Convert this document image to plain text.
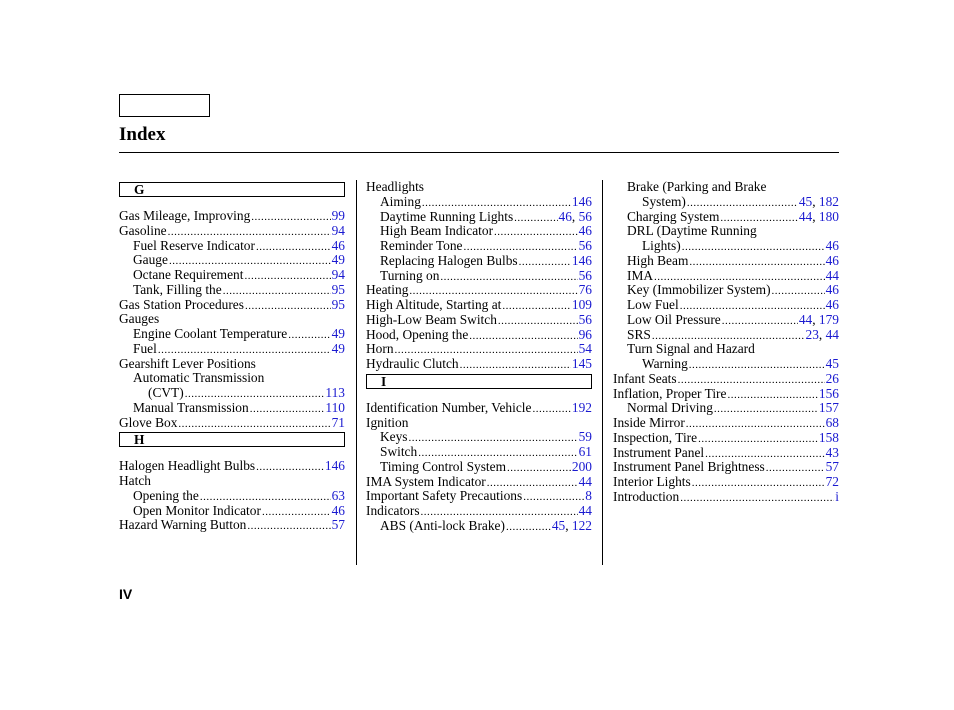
Index
G
Gas Mileage, Improving .....	99
Gasoline .....	94
Fuel Reserve Indicator .....	46
Gauge .....	49
Octane Requirement .....	94
Tank, Filling the .....	95
Gas Station Procedures .....	95
Gauges
Engine Coolant Temperature .....	49
Fuel .....	49
Gearshift Lever Positions
Automatic Transmission
(CVT) .....	113
Manual Transmission .....	110
Glove Box .....	71
H
Halogen Headlight Bulbs .....	146
Hatch
Opening the .....	63
Open Monitor Indicator .....	46
Hazard Warning Button .....	57
Headlights
Aiming .....	146
Daytime Running Lights .....	46, 56
High Beam Indicator .....	46
Reminder Tone .....	56
Replacing Halogen Bulbs .....	146
Turning on .....	56
Heating .....	76
High Altitude, Starting at .....	109
High-Low Beam Switch .....	56
Hood, Opening the .....	96
Horn .....	54
Hydraulic Clutch .....	145
I
Identification Number, Vehicle .....	192
Ignition
Keys .....	59
Switch .....	61
Timing Control System .....	200
IMA System Indicator .....	44
Important Safety Precautions .....	8
Indicators .....	44
ABS (Anti-lock Brake) .....	45, 122
Brake (Parking and Brake
System) .....	45, 182
Charging System .....	44, 180
DRL (Daytime Running
Lights) .....	46
High Beam .....	46
IMA .....	44
Key (Immobilizer System) .....	46
Low Fuel .....	46
Low Oil Pressure .....	44, 179
SRS .....	23, 44
Turn Signal and Hazard
Warning .....	45
Infant Seats .....	26
Inflation, Proper Tire .....	156
Normal Driving .....	157
Inside Mirror .....	68
Inspection, Tire .....	158
Instrument Panel .....	43
Instrument Panel Brightness .....	57
Interior Lights .....	72
Introduction .....	i
IV
